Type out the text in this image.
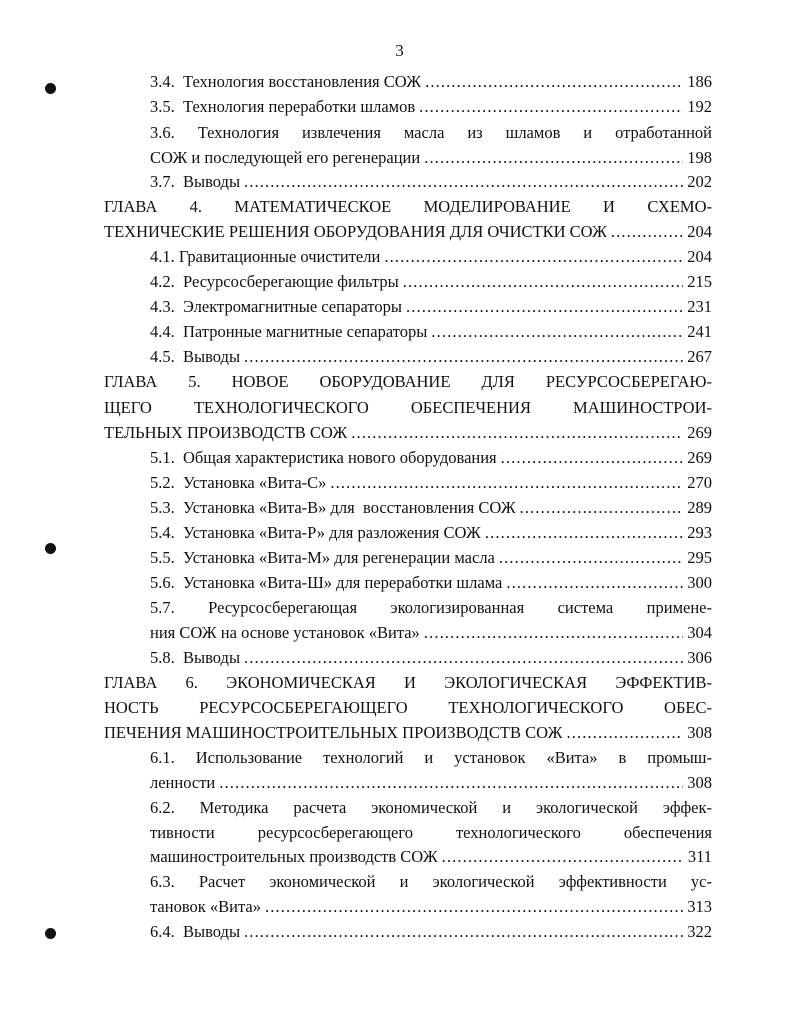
3
3.4.  Технология восстановления СОЖ . . .	186
3.5.  Технология переработки шламов . . .	192
3.6. Технология извлечения масла из шламов и отработанной
СОЖ и последующей его регенерации . . .	198
3.7.  Выводы . . .	202
ГЛАВА 4. МАТЕМАТИЧЕСКОЕ МОДЕЛИРОВАНИЕ И СХЕМО-
ТЕХНИЧЕСКИЕ РЕШЕНИЯ ОБОРУДОВАНИЯ ДЛЯ ОЧИСТКИ СОЖ . . .	204
4.1. Гравитационные очистители . . .	204
4.2.  Ресурсосберегающие фильтры . . .	215
4.3.  Электромагнитные сепараторы . . .	231
4.4.  Патронные магнитные сепараторы . . .	241
4.5.  Выводы . . .	267
ГЛАВА 5. НОВОЕ ОБОРУДОВАНИЕ ДЛЯ РЕСУРСОСБЕРЕГАЮ-
ЩЕГО ТЕХНОЛОГИЧЕСКОГО ОБЕСПЕЧЕНИЯ МАШИНОСТРОИ-
ТЕЛЬНЫХ ПРОИЗВОДСТВ СОЖ . . .	269
5.1.  Общая характеристика нового оборудования . . .	269
5.2.  Установка «Вита-С» . . .	270
5.3.  Установка «Вита-В» для  восстановления СОЖ . . .	289
5.4.  Установка «Вита-Р» для разложения СОЖ . . .	293
5.5.  Установка «Вита-М» для регенерации масла . . .	295
5.6.  Установка «Вита-Ш» для переработки шлама . . .	300
5.7. Ресурсосберегающая экологизированная система примене-
ния СОЖ на основе установок «Вита» . . .	304
5.8.  Выводы . . .	306
ГЛАВА 6. ЭКОНОМИЧЕСКАЯ И ЭКОЛОГИЧЕСКАЯ ЭФФЕКТИВ-
НОСТЬ РЕСУРСОСБЕРЕГАЮЩЕГО ТЕХНОЛОГИЧЕСКОГО ОБЕС-
ПЕЧЕНИЯ МАШИНОСТРОИТЕЛЬНЫХ ПРОИЗВОДСТВ СОЖ . . .	308
6.1. Использование технологий и установок «Вита» в промыш-
ленности . . .	308
6.2. Методика расчета экономической и экологической эффек-
тивности ресурсосберегающего технологического обеспечения
машиностроительных производств СОЖ . . .	311
6.3. Расчет экономической и экологической эффективности ус-
тановок «Вита» . . .	313
6.4.  Выводы . . .	322
